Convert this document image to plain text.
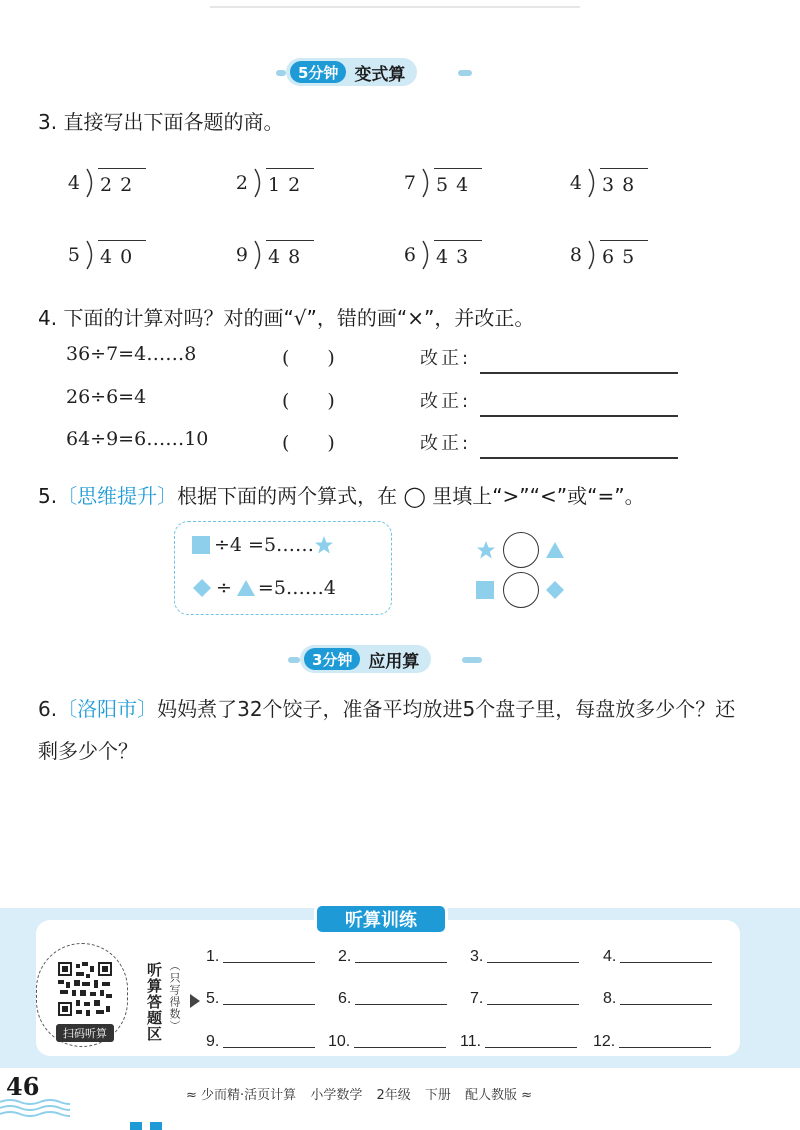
5分钟 变式算
3. 直接写出下面各题的商。
4 22	2 12	7 54	4 38
5 40	9 48	6 43	8 65
4. 下面的计算对吗？对的画“√”，错的画“×”，并改正。
36÷7=4……8	(　　)	改正:
26÷6=4	(　　)	改正:
64÷9=6……10	(　　)	改正:
5.〔思维提升〕根据下面的两个算式，在 ◯ 里填上“>”“<”或“=”。
÷4 =5……
÷ =5……4
3分钟 应用算
6.〔洛阳市〕妈妈煮了32个饺子，准备平均放进5个盘子里，每盘放多少个？还剩多少个？
听算训练
扫码听算	听算答题区 （只写得数）
1.	2.	3.	4.
5.	6.	7.	8.
9.	10.	11.	12.
46	≈ 少而精·活页计算 小学数学 2年级 下册 配人教版 ≈
